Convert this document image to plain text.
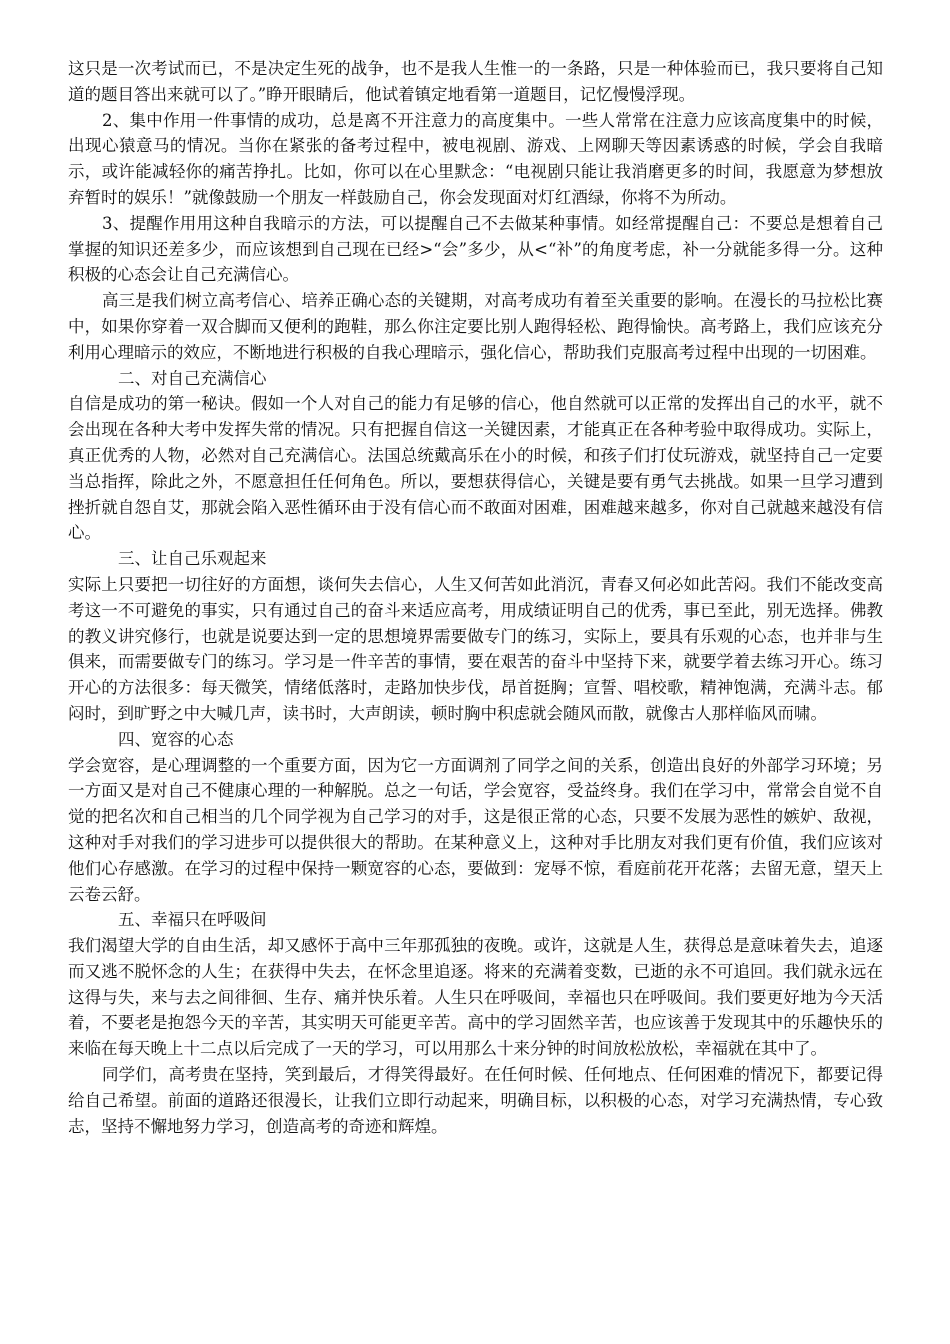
这只是一次考试而已，不是决定生死的战争，也不是我人生惟一的一条路，只是一种体验而已，我只要将自己知道的题目答出来就可以了。”睁开眼睛后，他试着镇定地看第一道题目，记忆慢慢浮现。

2、集中作用一件事情的成功，总是离不开注意力的高度集中。一些人常常在注意力应该高度集中的时候，出现心猿意马的情况。当你在紧张的备考过程中，被电视剧、游戏、上网聊天等因素诱惑的时候，学会自我暗示，或许能减轻你的痛苦挣扎。比如，你可以在心里默念：“电视剧只能让我消磨更多的时间，我愿意为梦想放弃暂时的娱乐！”就像鼓励一个朋友一样鼓励自己，你会发现面对灯红酒绿，你将不为所动。

3、提醒作用用这种自我暗示的方法，可以提醒自己不去做某种事情。如经常提醒自己：不要总是想着自己掌握的知识还差多少，而应该想到自己现在已经>“会”多少，从<“补”的角度考虑，补一分就能多得一分。这种积极的心态会让自己充满信心。

高三是我们树立高考信心、培养正确心态的关键期，对高考成功有着至关重要的影响。在漫长的马拉松比赛中，如果你穿着一双合脚而又便利的跑鞋，那么你注定要比别人跑得轻松、跑得愉快。高考路上，我们应该充分利用心理暗示的效应，不断地进行积极的自我心理暗示，强化信心，帮助我们克服高考过程中出现的一切困难。

二、对自己充满信心

自信是成功的第一秘诀。假如一个人对自己的能力有足够的信心，他自然就可以正常的发挥出自己的水平，就不会出现在各种大考中发挥失常的情况。只有把握自信这一关键因素，才能真正在各种考验中取得成功。实际上，真正优秀的人物，必然对自己充满信心。法国总统戴高乐在小的时候，和孩子们打仗玩游戏，就坚持自己一定要当总指挥，除此之外，不愿意担任任何角色。所以，要想获得信心，关键是要有勇气去挑战。如果一旦学习遭到挫折就自怨自艾，那就会陷入恶性循环由于没有信心而不敢面对困难，困难越来越多，你对自己就越来越没有信心。

三、让自己乐观起来

实际上只要把一切往好的方面想，谈何失去信心，人生又何苦如此消沉，青春又何必如此苦闷。我们不能改变高考这一不可避免的事实，只有通过自己的奋斗来适应高考，用成绩证明自己的优秀，事已至此，别无选择。佛教的教义讲究修行，也就是说要达到一定的思想境界需要做专门的练习，实际上，要具有乐观的心态，也并非与生俱来，而需要做专门的练习。学习是一件辛苦的事情，要在艰苦的奋斗中坚持下来，就要学着去练习开心。练习开心的方法很多：每天微笑，情绪低落时，走路加快步伐，昂首挺胸；宣誓、唱校歌，精神饱满，充满斗志。郁闷时，到旷野之中大喊几声，读书时，大声朗读，顿时胸中积虑就会随风而散，就像古人那样临风而啸。

四、宽容的心态

学会宽容，是心理调整的一个重要方面，因为它一方面调剂了同学之间的关系，创造出良好的外部学习环境；另一方面又是对自己不健康心理的一种解脱。总之一句话，学会宽容，受益终身。我们在学习中，常常会自觉不自觉的把名次和自己相当的几个同学视为自己学习的对手，这是很正常的心态，只要不发展为恶性的嫉妒、敌视，这种对手对我们的学习进步可以提供很大的帮助。在某种意义上，这种对手比朋友对我们更有价值，我们应该对他们心存感激。在学习的过程中保持一颗宽容的心态，要做到：宠辱不惊，看庭前花开花落；去留无意，望天上云卷云舒。

五、幸福只在呼吸间

我们渴望大学的自由生活，却又感怀于高中三年那孤独的夜晚。或许，这就是人生，获得总是意味着失去，追逐而又逃不脱怀念的人生；在获得中失去，在怀念里追逐。将来的充满着变数，已逝的永不可追回。我们就永远在这得与失，来与去之间徘徊、生存、痛并快乐着。人生只在呼吸间，幸福也只在呼吸间。我们要更好地为今天活着，不要老是抱怨今天的辛苦，其实明天可能更辛苦。高中的学习固然辛苦，也应该善于发现其中的乐趣快乐的来临在每天晚上十二点以后完成了一天的学习，可以用那么十来分钟的时间放松放松，幸福就在其中了。

同学们，高考贵在坚持，笑到最后，才得笑得最好。在任何时候、任何地点、任何困难的情况下，都要记得给自己希望。前面的道路还很漫长，让我们立即行动起来，明确目标，以积极的心态，对学习充满热情，专心致志，坚持不懈地努力学习，创造高考的奇迹和辉煌。
